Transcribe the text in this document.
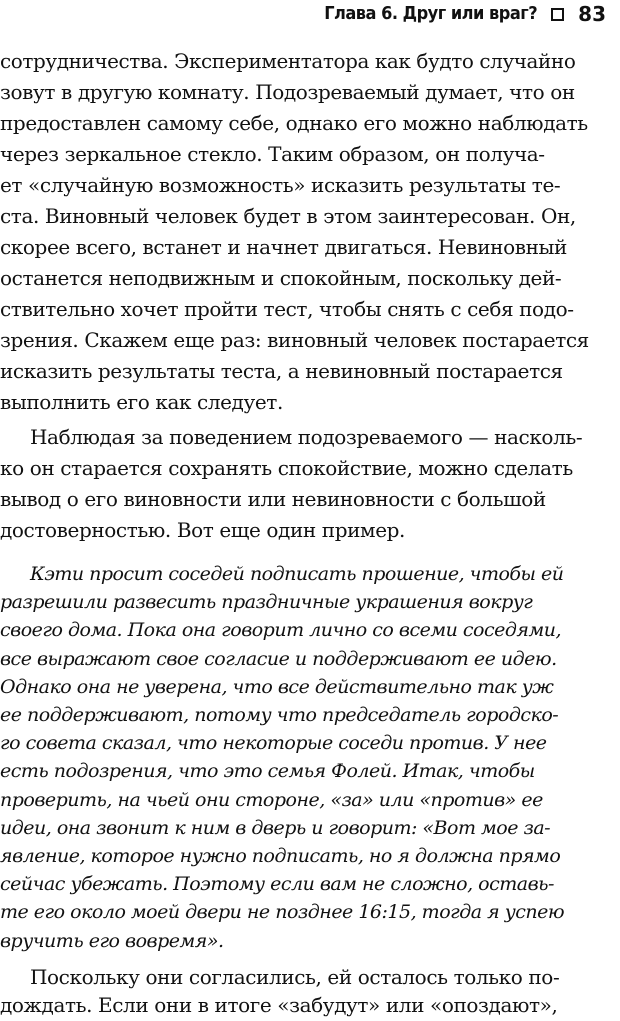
Глава 6. Друг или враг? 83
сотрудничества. Экспериментатора как будто случайно
зовут в другую комнату. Подозреваемый думает, что он
предоставлен самому себе, однако его можно наблюдать
через зеркальное стекло. Таким образом, он получа-
ет «случайную возможность» исказить результаты те-
ста. Виновный человек будет в этом заинтересован. Он,
скорее всего, встанет и начнет двигаться. Невиновный
останется неподвижным и спокойным, поскольку дей-
ствительно хочет пройти тест, чтобы снять с себя подо-
зрения. Скажем еще раз: виновный человек постарается
исказить результаты теста, а невиновный постарается
выполнить его как следует.
Наблюдая за поведением подозреваемого — насколь-
ко он старается сохранять спокойствие, можно сделать
вывод о его виновности или невиновности с большой
достоверностью. Вот еще один пример.
Кэти просит соседей подписать прошение, чтобы ей
разрешили развесить праздничные украшения вокруг
своего дома. Пока она говорит лично со всеми соседями,
все выражают свое согласие и поддерживают ее идею.
Однако она не уверена, что все действительно так уж
ее поддерживают, потому что председатель городско-
го совета сказал, что некоторые соседи против. У нее
есть подозрения, что это семья Фолей. Итак, чтобы
проверить, на чьей они стороне, «за» или «против» ее
идеи, она звонит к ним в дверь и говорит: «Вот мое за-
явление, которое нужно подписать, но я должна прямо
сейчас убежать. Поэтому если вам не сложно, оставь-
те его около моей двери не позднее 16:15, тогда я успею
вручить его вовремя».
Поскольку они согласились, ей осталось только по-
дождать. Если они в итоге «забудут» или «опоздают»,
